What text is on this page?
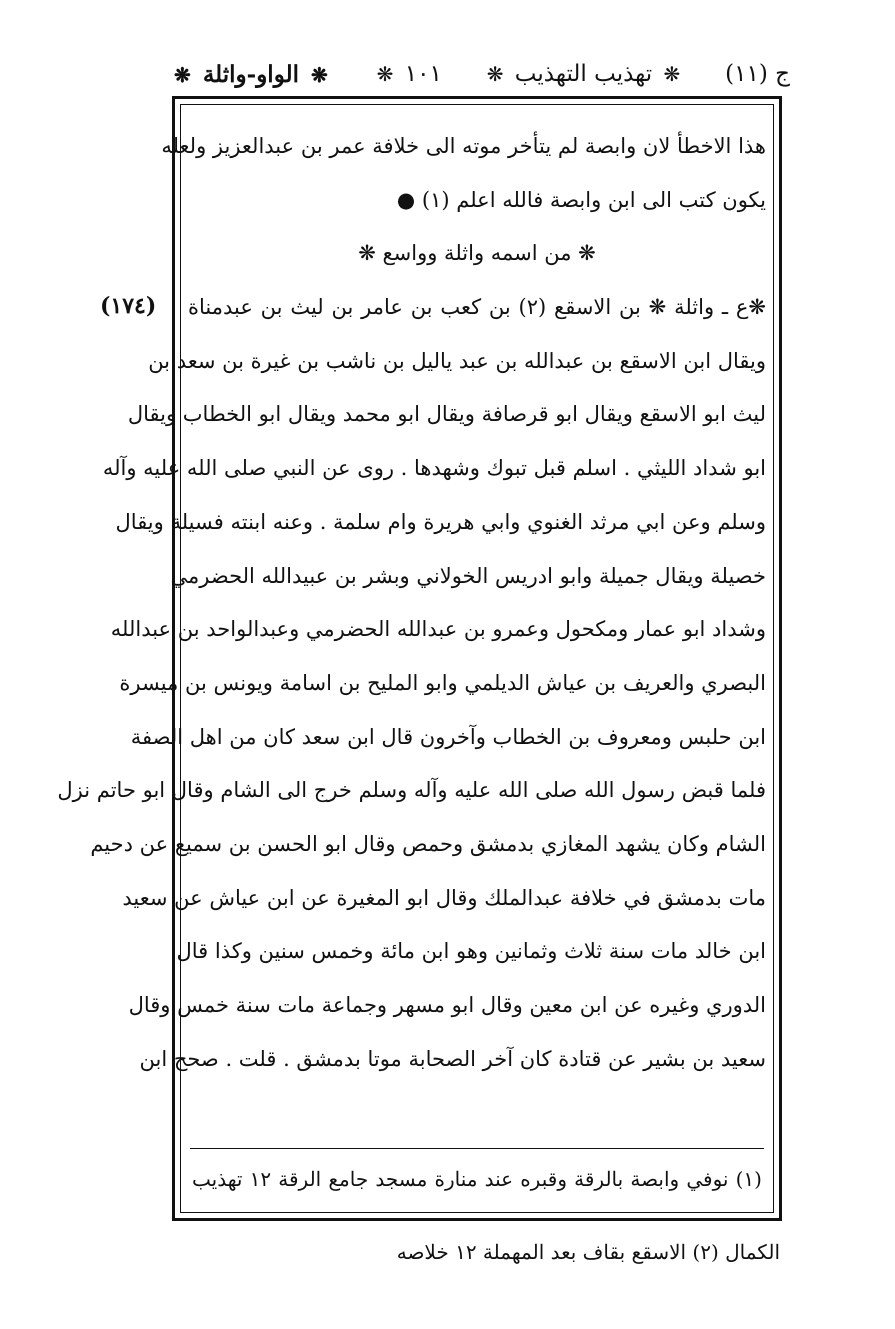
ج (١١)
❋ تهذيب التهذيب ❋
١٠١ ❋
❋ الواو-واثلة ❋
(١٧٤)
هذا الاخطأ لان وابصة لم يتأخر موته الى خلافة عمر بن عبدالعزيز ولعله
يكون كتب الى ابن وابصة فالله اعلم (١) ●
❋ من اسمه واثلة وواسع ❋
❋ع ـ واثلة ❋ بن الاسقع (٢) بن كعب بن عامر بن ليث بن عبدمناة
ويقال ابن الاسقع بن عبدالله بن عبد ياليل بن ناشب بن غيرة بن سعد بن
ليث ابو الاسقع ويقال ابو قرصافة ويقال ابو محمد ويقال ابو الخطاب ويقال
ابو شداد الليثي . اسلم قبل تبوك وشهدها . روى عن النبي صلى الله عليه وآله
وسلم وعن ابي مرثد الغنوي وابي هريرة وام سلمة . وعنه ابنته فسيلة ويقال
خصيلة ويقال جميلة وابو ادريس الخولاني وبشر بن عبيدالله الحضرمي
وشداد ابو عمار ومكحول وعمرو بن عبدالله الحضرمي وعبدالواحد بن عبدالله
البصري والعريف بن عياش الديلمي وابو المليح بن اسامة ويونس بن ميسرة
ابن حلبس ومعروف بن الخطاب وآخرون قال ابن سعد كان من اهل الصفة
فلما قبض رسول الله صلى الله عليه وآله وسلم خرج الى الشام وقال ابو حاتم نزل
الشام وكان يشهد المغازي بدمشق وحمص وقال ابو الحسن بن سميع عن دحيم
مات بدمشق في خلافة عبدالملك وقال ابو المغيرة عن ابن عياش عن سعيد
ابن خالد مات سنة ثلاث وثمانين وهو ابن مائة وخمس سنين وكذا قال
الدوري وغيره عن ابن معين وقال ابو مسهر وجماعة مات سنة خمس وقال
سعيد بن بشير عن قتادة كان آخر الصحابة موتا بدمشق . قلت . صحح ابن
(١) نوفي وابصة بالرقة وقبره عند منارة مسجد جامع الرقة ١٢ تهذيب
الكمال (٢) الاسقع بقاف بعد المهملة ١٢ خلاصه
